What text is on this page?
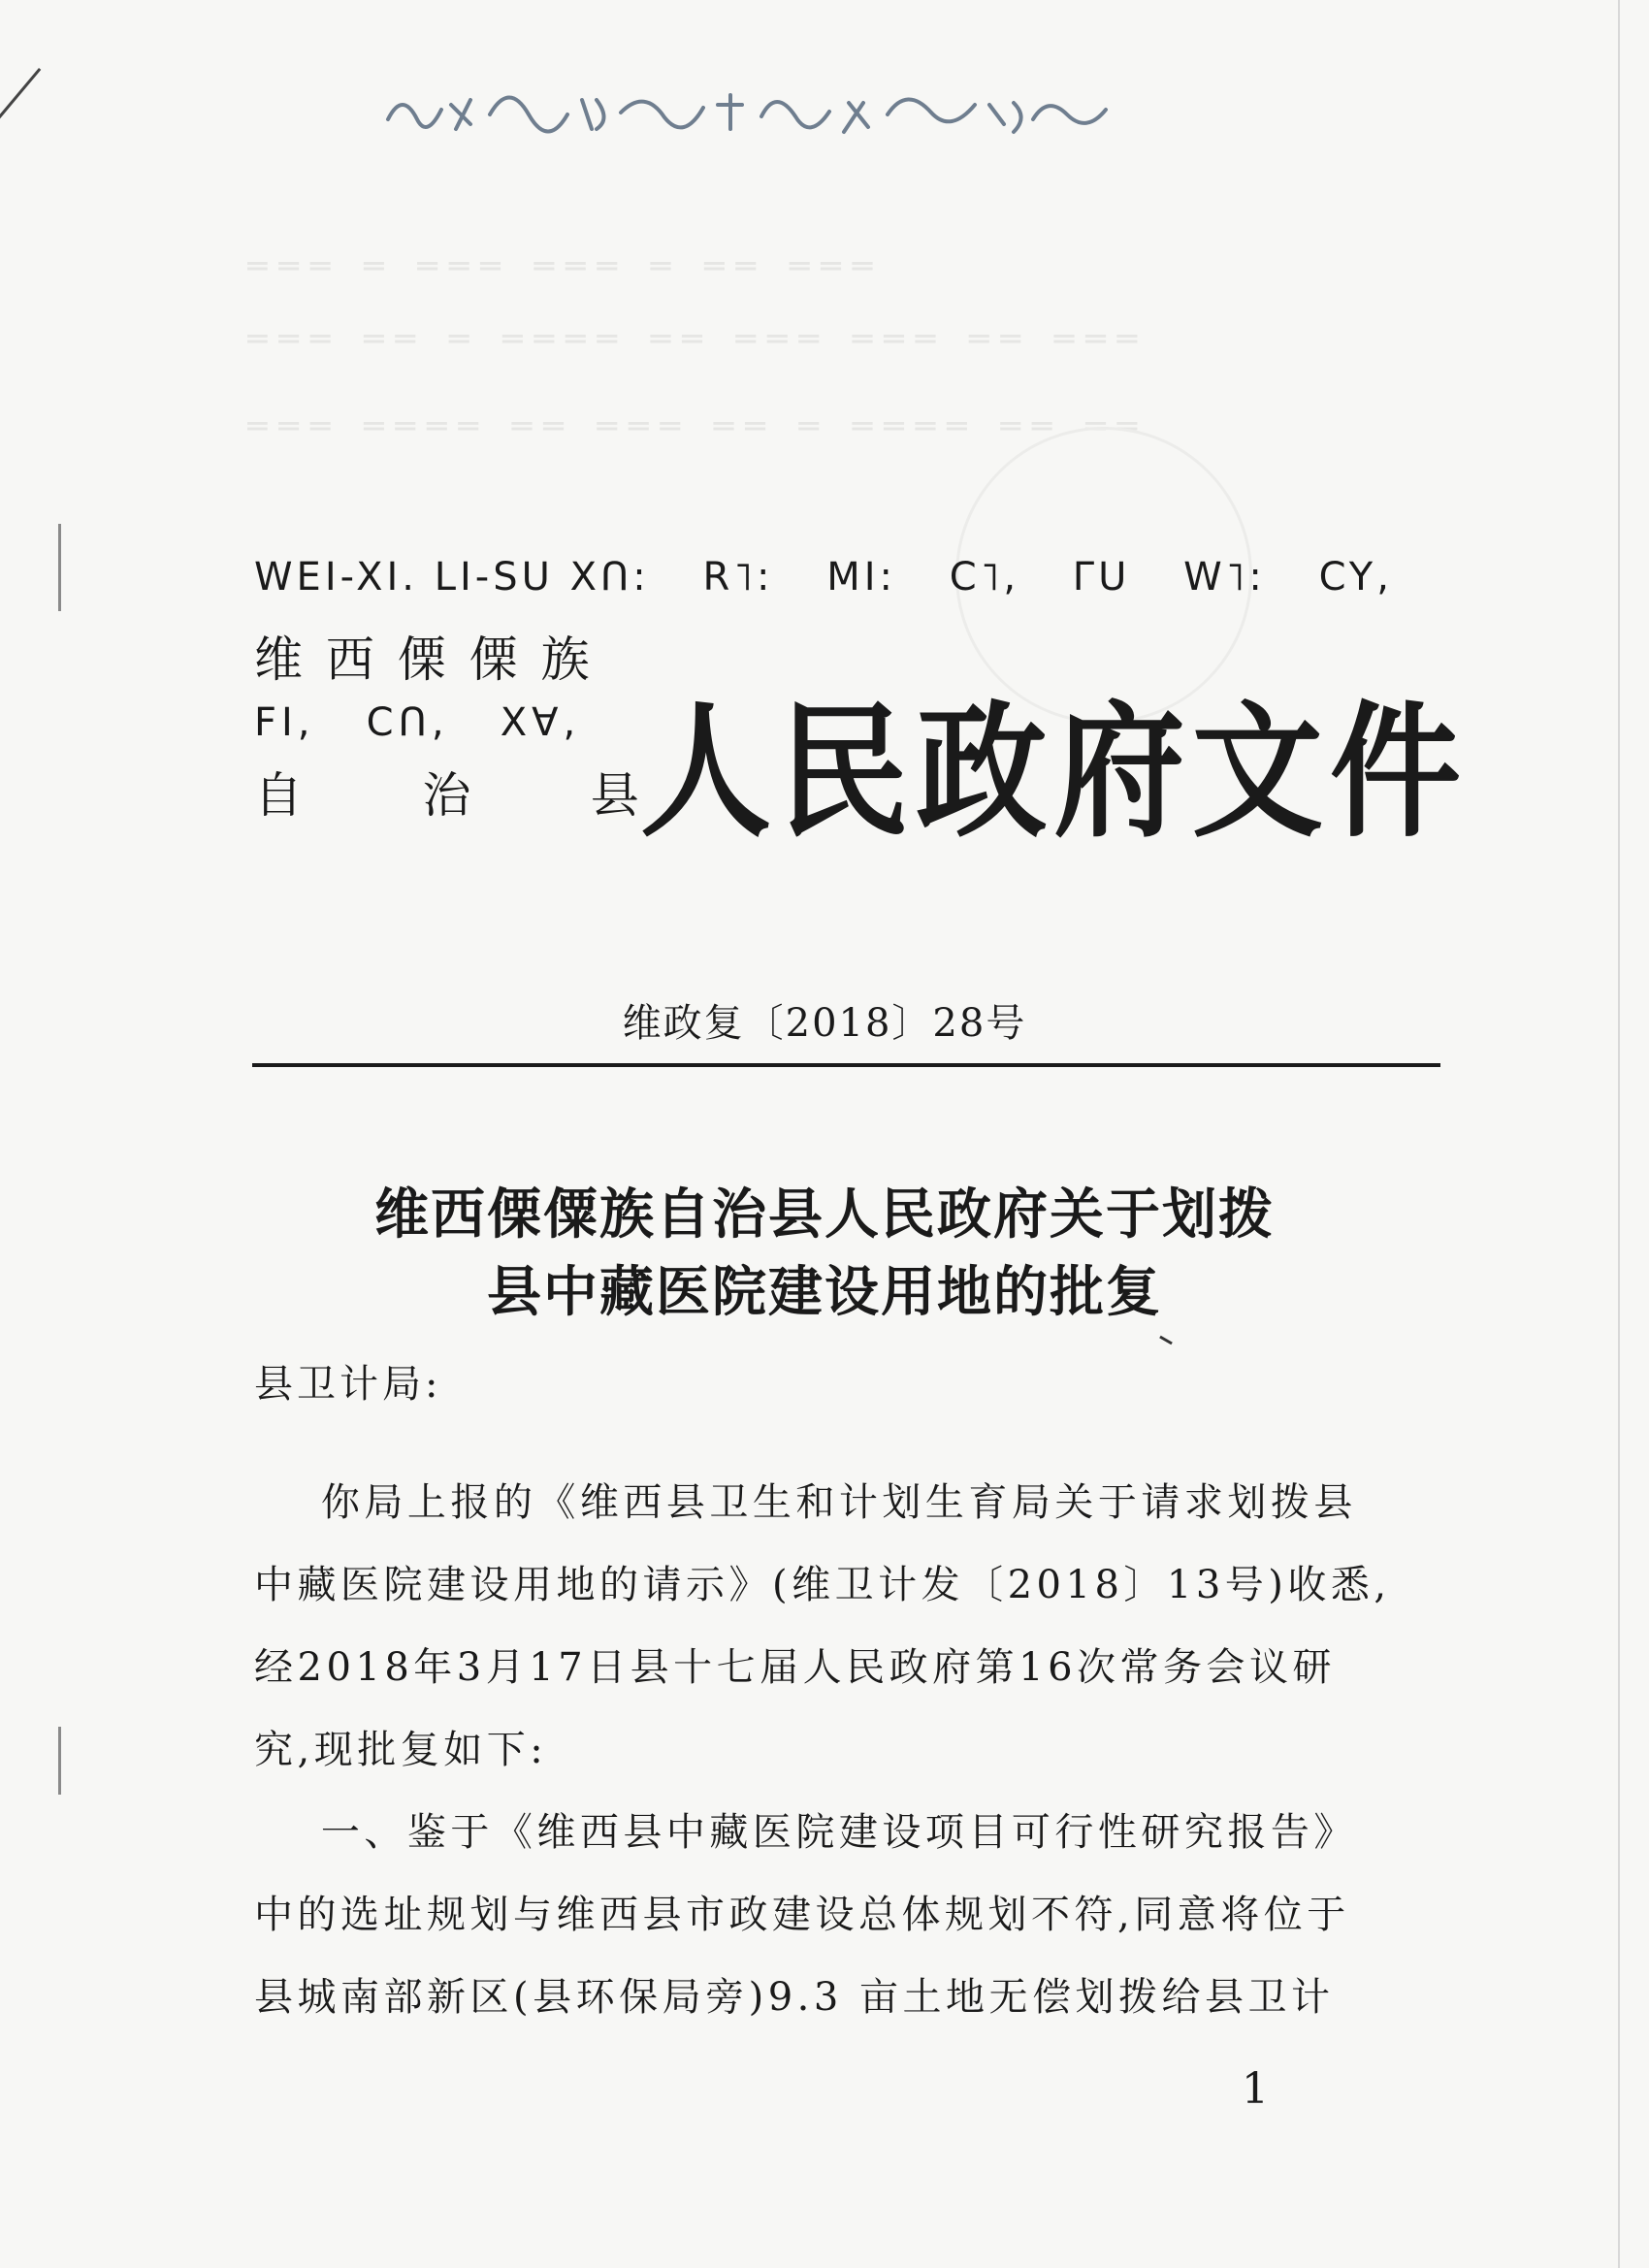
═══ ═ ═══ ═══ ═ ══ ═══
═══ ══ ═ ════ ══ ═══ ═══ ══ ═══
═══ ════ ══ ═══ ══ ═ ════ ══ ══
WEI-XI. LI-SU XՈ: R˥: MI: C˥, ΓU W˥: CY,
维 西 傈 傈 族
FI,   CՈ,   Xꓯ,
自      治      县
人民政府文件
维政复〔2018〕28号
维西傈僳族自治县人民政府关于划拨
县中藏医院建设用地的批复
县卫计局:
你局上报的《维西县卫生和计划生育局关于请求划拨县
中藏医院建设用地的请示》(维卫计发〔2018〕13号)收悉,
经2018年3月17日县十七届人民政府第16次常务会议研
究,现批复如下:
一、鉴于《维西县中藏医院建设项目可行性研究报告》
中的选址规划与维西县市政建设总体规划不符,同意将位于
县城南部新区(县环保局旁)9.3 亩土地无偿划拨给县卫计
1
